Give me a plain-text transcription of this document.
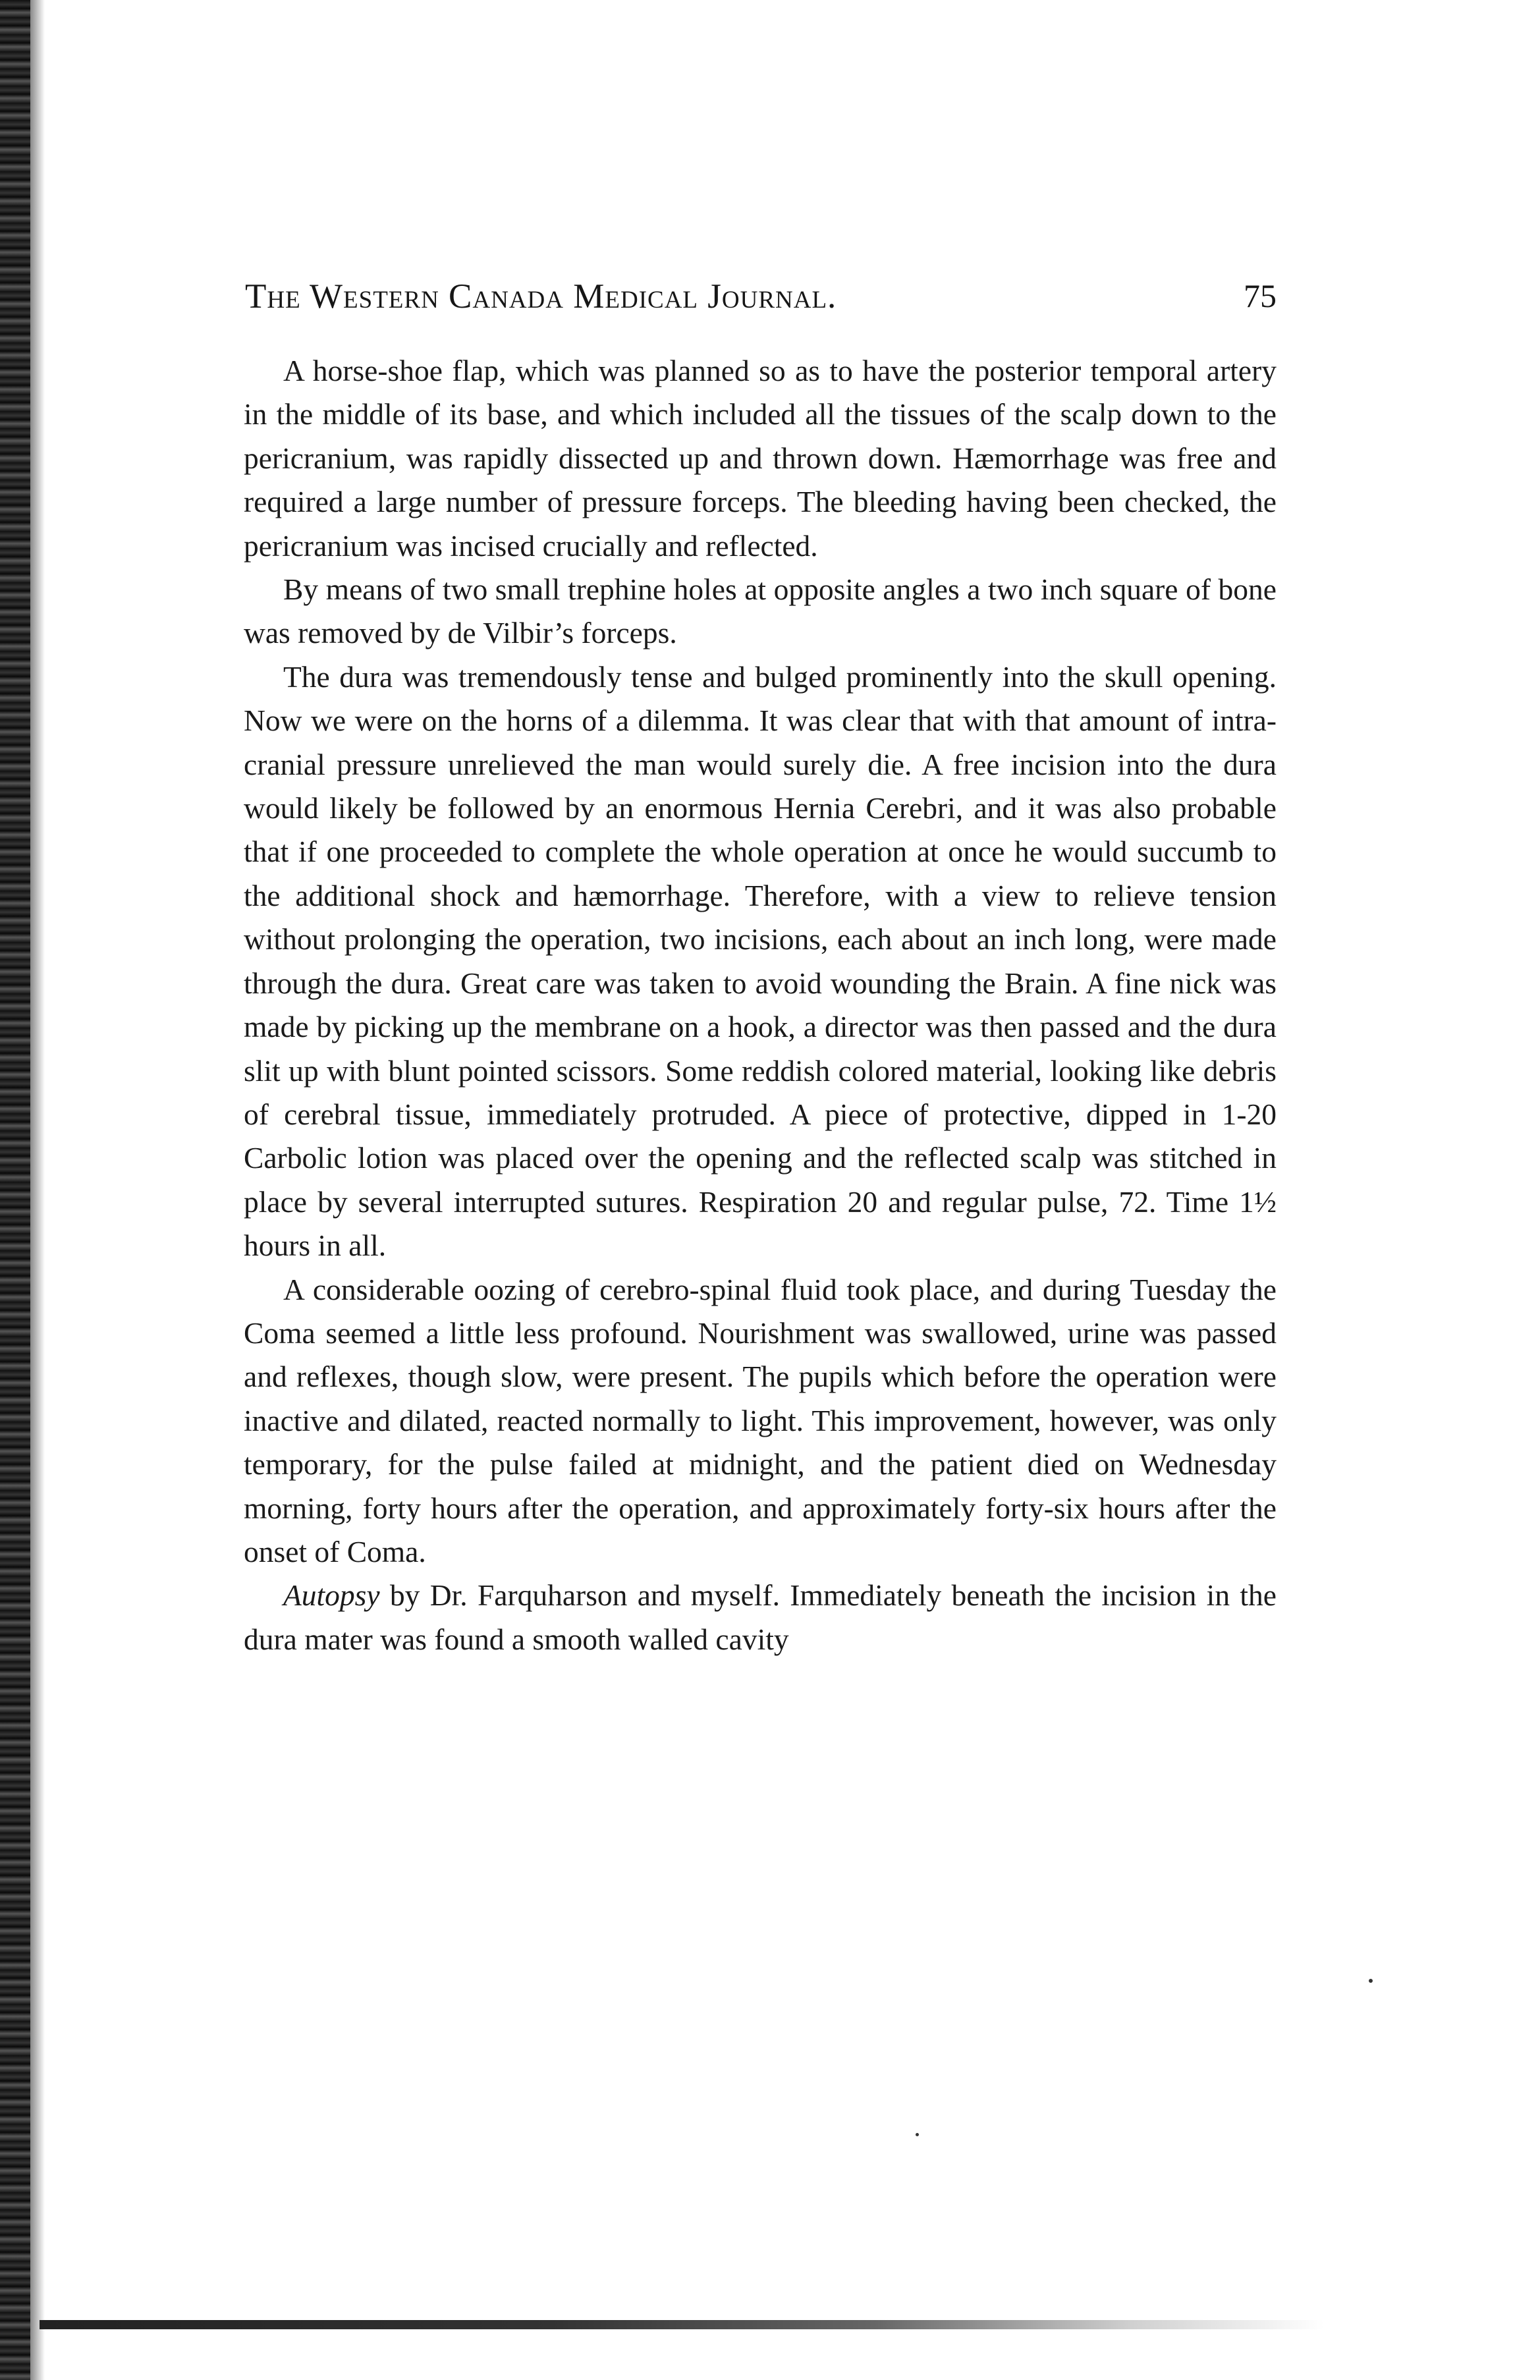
The Western Canada Medical Journal.	75

A horse-shoe flap, which was planned so as to have the posterior temporal artery in the middle of its base, and which included all the tissues of the scalp down to the pericranium, was rapidly dissected up and thrown down. Hæmorrhage was free and required a large number of pressure forceps. The bleeding having been checked, the pericranium was incised crucially and reflected.

By means of two small trephine holes at opposite angles a two inch square of bone was removed by de Vilbir’s forceps.

The dura was tremendously tense and bulged prominently into the skull opening. Now we were on the horns of a dilemma. It was clear that with that amount of intra-cranial pressure unrelieved the man would surely die. A free incision into the dura would likely be followed by an enormous Hernia Cerebri, and it was also probable that if one proceeded to complete the whole operation at once he would succumb to the additional shock and hæmorrhage. Therefore, with a view to relieve tension without prolonging the operation, two incisions, each about an inch long, were made through the dura. Great care was taken to avoid wounding the Brain. A fine nick was made by picking up the membrane on a hook, a director was then passed and the dura slit up with blunt pointed scissors. Some reddish colored material, looking like debris of cerebral tissue, immediately protruded. A piece of protective, dipped in 1-20 Carbolic lotion was placed over the opening and the reflected scalp was stitched in place by several interrupted sutures. Respiration 20 and regular pulse, 72. Time 1½ hours in all.

A considerable oozing of cerebro-spinal fluid took place, and during Tuesday the Coma seemed a little less profound. Nourishment was swallowed, urine was passed and reflexes, though slow, were present. The pupils which before the operation were inactive and dilated, reacted normally to light. This improvement, however, was only temporary, for the pulse failed at midnight, and the patient died on Wednesday morning, forty hours after the operation, and approximately forty-six hours after the onset of Coma.

Autopsy by Dr. Farquharson and myself. Immediately beneath the incision in the dura mater was found a smooth walled cavity
